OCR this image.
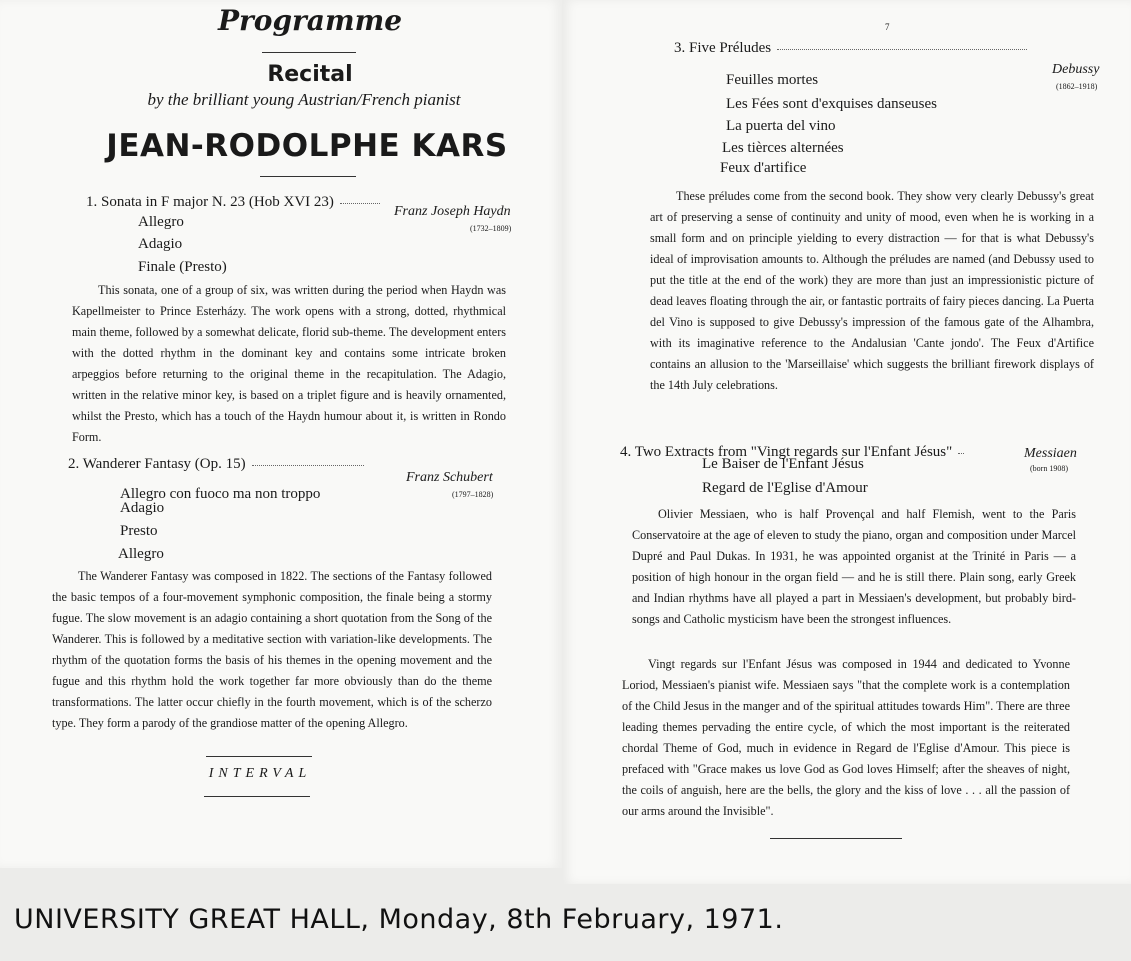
Programme
Recital
by the brilliant young Austrian/French pianist
JEAN-RODOLPHE KARS
1. Sonata in F major N. 23 (Hob XVI 23)
Franz Joseph Haydn
(1732–1809)
Allegro
Adagio
Finale (Presto)
This sonata, one of a group of six, was written during the period when Haydn was Kapellmeister to Prince Esterházy. The work opens with a strong, dotted, rhythmical main theme, followed by a somewhat delicate, florid sub-theme. The development enters with the dotted rhythm in the dominant key and contains some intricate broken arpeggios before returning to the original theme in the recapitulation. The Adagio, written in the relative minor key, is based on a triplet figure and is heavily ornamented, whilst the Presto, which has a touch of the Haydn humour about it, is written in Rondo Form.
2. Wanderer Fantasy (Op. 15)
Franz Schubert
(1797–1828)
Allegro con fuoco ma non troppo
Adagio
Presto
Allegro
The Wanderer Fantasy was composed in 1822. The sections of the Fantasy followed the basic tempos of a four-movement symphonic composition, the finale being a stormy fugue. The slow movement is an adagio containing a short quotation from the Song of the Wanderer. This is followed by a meditative section with variation-like developments. The rhythm of the quotation forms the basis of his themes in the opening movement and the fugue and this rhythm hold the work together far more obviously than do the theme transformations. The latter occur chiefly in the fourth movement, which is of the scherzo type. They form a parody of the grandiose matter of the opening Allegro.
INTERVAL
7
3. Five Préludes
Debussy
(1862–1918)
Feuilles mortes
Les Fées sont d'exquises danseuses
La puerta del vino
Les tièrces alternées
Feux d'artifice
These préludes come from the second book. They show very clearly Debussy's great art of preserving a sense of continuity and unity of mood, even when he is working in a small form and on principle yielding to every distraction — for that is what Debussy's ideal of improvisation amounts to. Although the préludes are named (and Debussy used to put the title at the end of the work) they are more than just an impressionistic picture of dead leaves floating through the air, or fantastic portraits of fairy pieces dancing. La Puerta del Vino is supposed to give Debussy's impression of the famous gate of the Alhambra, with its imaginative reference to the Andalusian 'Cante jondo'. The Feux d'Artifice contains an allusion to the 'Marseillaise' which suggests the brilliant firework displays of the 14th July celebrations.
4. Two Extracts from "Vingt regards sur l'Enfant Jésus"	Messiaen
(born 1908)
Le Baiser de l'Enfant Jésus
Regard de l'Eglise d'Amour
Olivier Messiaen, who is half Provençal and half Flemish, went to the Paris Conservatoire at the age of eleven to study the piano, organ and composition under Marcel Dupré and Paul Dukas. In 1931, he was appointed organist at the Trinité in Paris — a position of high honour in the organ field — and he is still there. Plain song, early Greek and Indian rhythms have all played a part in Messiaen's development, but probably bird-songs and Catholic mysticism have been the strongest influences.
Vingt regards sur l'Enfant Jésus was composed in 1944 and dedicated to Yvonne Loriod, Messiaen's pianist wife. Messiaen says "that the complete work is a contemplation of the Child Jesus in the manger and of the spiritual attitudes towards Him". There are three leading themes pervading the entire cycle, of which the most important is the reiterated chordal Theme of God, much in evidence in Regard de l'Eglise d'Amour. This piece is prefaced with "Grace makes us love God as God loves Himself; after the sheaves of night, the coils of anguish, here are the bells, the glory and the kiss of love . . . all the passion of our arms around the Invisible".
UNIVERSITY GREAT HALL, Monday, 8th February, 1971.
